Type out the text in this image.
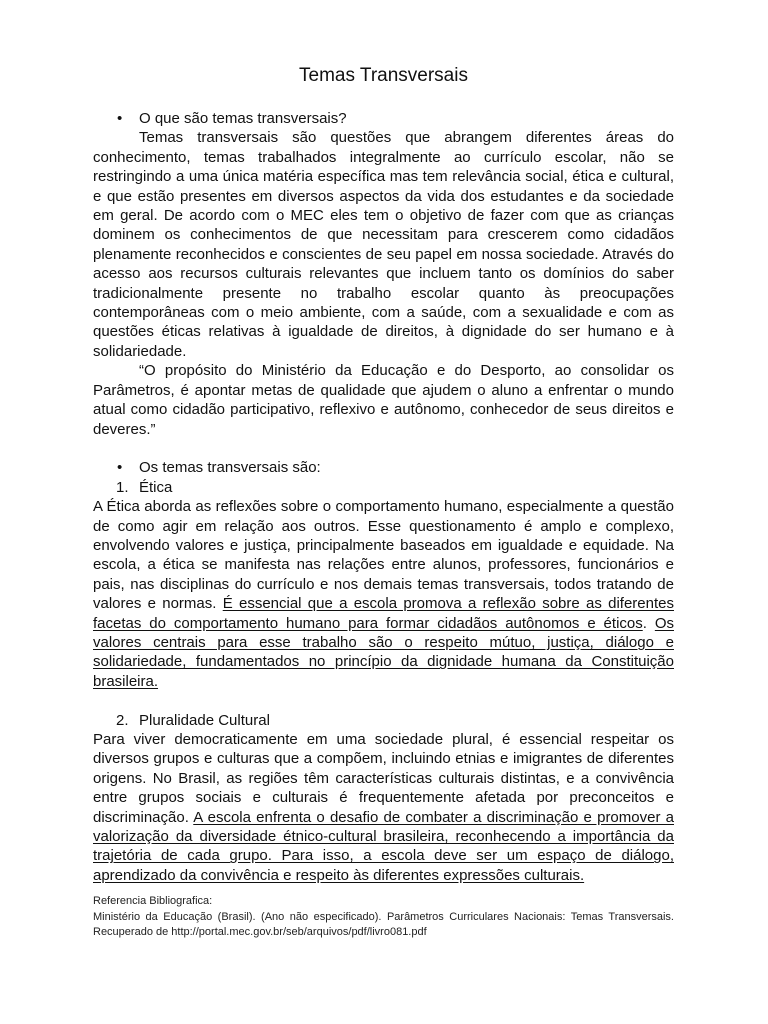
Temas Transversais
• O que são temas transversais?

Temas transversais são questões que abrangem diferentes áreas do conhecimento, temas trabalhados integralmente ao currículo escolar, não se restringindo a uma única matéria específica mas tem relevância social, ética e cultural, e que estão presentes em diversos aspectos da vida dos estudantes e da sociedade em geral. De acordo com o MEC eles tem o objetivo de fazer com que as crianças dominem os conhecimentos de que necessitam para crescerem como cidadãos plenamente reconhecidos e conscientes de seu papel em nossa sociedade. Através do acesso aos recursos culturais relevantes que incluem tanto os domínios do saber tradicionalmente presente no trabalho escolar quanto às preocupações contemporâneas com o meio ambiente, com a saúde, com a sexualidade e com as questões éticas relativas à igualdade de direitos, à dignidade do ser humano e à solidariedade.

“O propósito do Ministério da Educação e do Desporto, ao consolidar os Parâmetros, é apontar metas de qualidade que ajudem o aluno a enfrentar o mundo atual como cidadão participativo, reflexivo e autônomo, conhecedor de seus direitos e deveres.”

• Os temas transversais são:
1. Ética

A Ética aborda as reflexões sobre o comportamento humano, especialmente a questão de como agir em relação aos outros. Esse questionamento é amplo e complexo, envolvendo valores e justiça, principalmente baseados em igualdade e equidade. Na escola, a ética se manifesta nas relações entre alunos, professores, funcionários e pais, nas disciplinas do currículo e nos demais temas transversais, todos tratando de valores e normas. É essencial que a escola promova a reflexão sobre as diferentes facetas do comportamento humano para formar cidadãos autônomos e éticos. Os valores centrais para esse trabalho são o respeito mútuo, justiça, diálogo e solidariedade, fundamentados no princípio da dignidade humana da Constituição brasileira.

2. Pluralidade Cultural

Para viver democraticamente em uma sociedade plural, é essencial respeitar os diversos grupos e culturas que a compõem, incluindo etnias e imigrantes de diferentes origens. No Brasil, as regiões têm características culturais distintas, e a convivência entre grupos sociais e culturais é frequentemente afetada por preconceitos e discriminação. A escola enfrenta o desafio de combater a discriminação e promover a valorização da diversidade étnico-cultural brasileira, reconhecendo a importância da trajetória de cada grupo. Para isso, a escola deve ser um espaço de diálogo, aprendizado da convivência e respeito às diferentes expressões culturais.

Referencia Bibliografica:
Ministério da Educação (Brasil). (Ano não especificado). Parâmetros Curriculares Nacionais: Temas Transversais. Recuperado de http://portal.mec.gov.br/seb/arquivos/pdf/livro081.pdf
